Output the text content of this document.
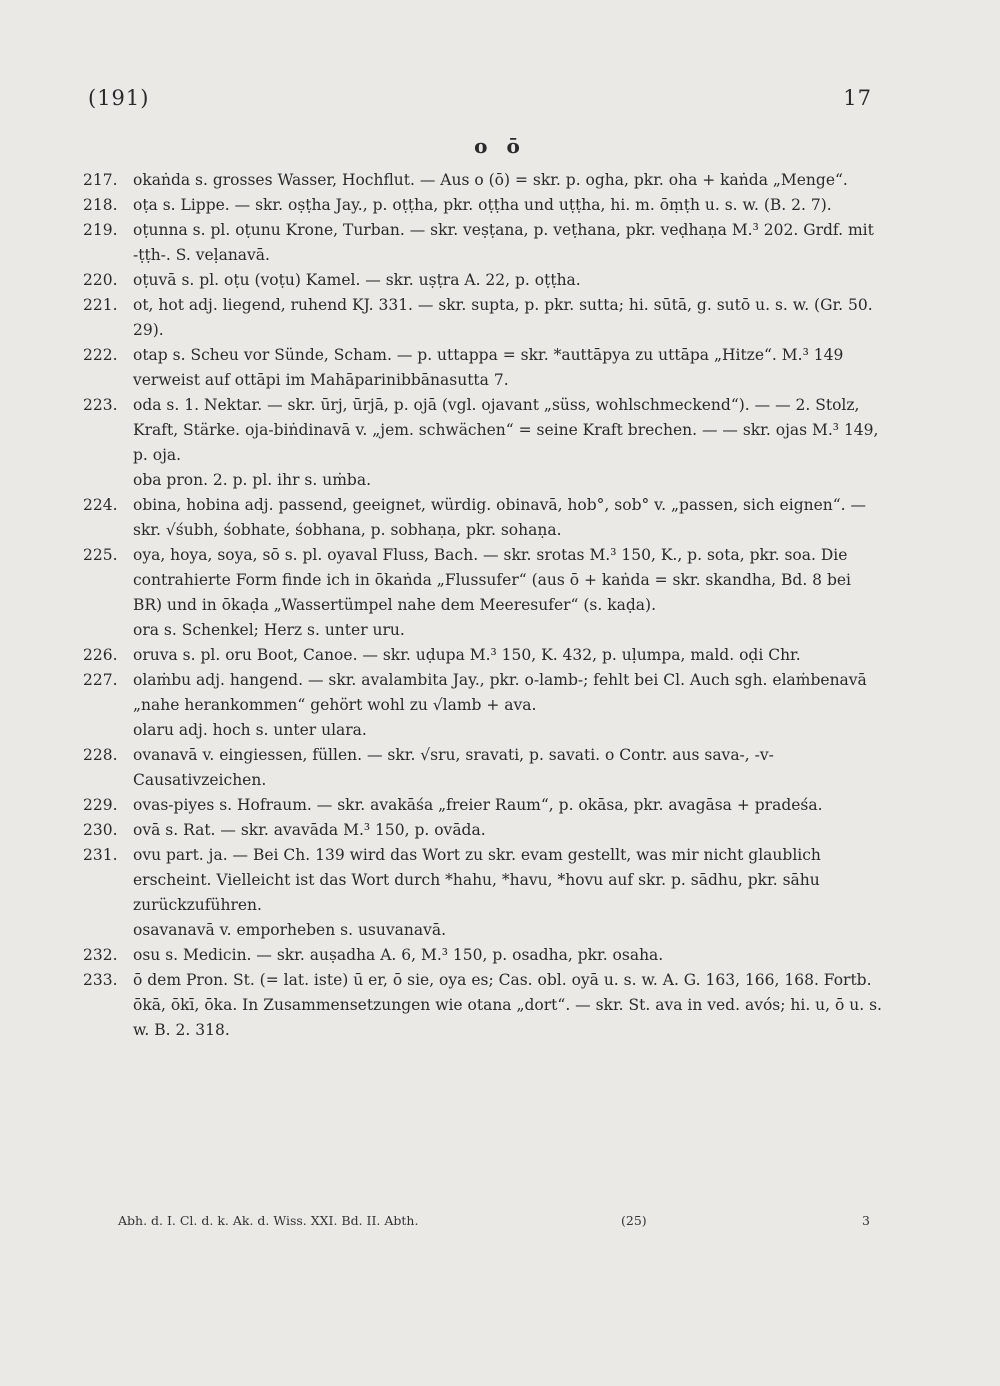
(191)	17
o ō
217. okaṅda s. grosses Wasser, Hochflut. — Aus o (ō) = skr. p. ogha, pkr. oha + kaṅda „Menge“.
218. oṭa s. Lippe. — skr. oṣṭha Jay., p. oṭṭha, pkr. oṭṭha und uṭṭha, hi. m. ōṃṭh u. s. w. (B. 2. 7).
219. oṭunna s. pl. oṭunu Krone, Turban. — skr. veṣṭana, p. veṭhana, pkr. veḍhaṇa M.³ 202. Grdf. mit -ṭṭh-. S. veḷanavā.
220. oṭuvā s. pl. oṭu (voṭu) Kamel. — skr. uṣṭra A. 22, p. oṭṭha.
221. ot, hot adj. liegend, ruhend KJ. 331. — skr. supta, p. pkr. sutta; hi. sūtā, g. sutō u. s. w. (Gr. 50. 29).
222. otap s. Scheu vor Sünde, Scham. — p. uttappa = skr. *auttāpya zu uttāpa „Hitze“. M.³ 149 verweist auf ottāpi im Mahāparinibbānasutta 7.
223. oda s. 1. Nektar. — skr. ūrj, ūrjā, p. ojā (vgl. ojavant „süss, wohlschmeckend“). — — 2. Stolz, Kraft, Stärke. oja-biṅdinavā v. „jem. schwächen“ = seine Kraft brechen. — — skr. ojas M.³ 149, p. oja.
oba pron. 2. p. pl. ihr s. uṁba.
224. obina, hobina adj. passend, geeignet, würdig. obinavā, hob°, sob° v. „passen, sich eignen“. — skr. √śubh, śobhate, śobhana, p. sobhaṇa, pkr. sohaṇa.
225. oya, hoya, soya, sō s. pl. oyaval Fluss, Bach. — skr. srotas M.³ 150, K., p. sota, pkr. soa. Die contrahierte Form finde ich in ōkaṅda „Flussufer“ (aus ō + kaṅda = skr. skandha, Bd. 8 bei BR) und in ōkaḍa „Wassertümpel nahe dem Meeresufer“ (s. kaḍa).
ora s. Schenkel; Herz s. unter uru.
226. oruva s. pl. oru Boot, Canoe. — skr. uḍupa M.³ 150, K. 432, p. uḷumpa, mald. oḍi Chr.
227. olaṁbu adj. hangend. — skr. avalambita Jay., pkr. o-lamb-; fehlt bei Cl. Auch sgh. elaṁbenavā „nahe herankommen“ gehört wohl zu √lamb + ava.
olaru adj. hoch s. unter ulara.
228. ovanavā v. eingiessen, füllen. — skr. √sru, sravati, p. savati. o Contr. aus sava-, -v- Causativzeichen.
229. ovas-piyes s. Hofraum. — skr. avakāśa „freier Raum“, p. okāsa, pkr. avagāsa + pradeśa.
230. ovā s. Rat. — skr. avavāda M.³ 150, p. ovāda.
231. ovu part. ja. — Bei Ch. 139 wird das Wort zu skr. evam gestellt, was mir nicht glaublich erscheint. Vielleicht ist das Wort durch *hahu, *havu, *hovu auf skr. p. sādhu, pkr. sāhu zurückzuführen.
osavanavā v. emporheben s. usuvanavā.
232. osu s. Medicin. — skr. auṣadha A. 6, M.³ 150, p. osadha, pkr. osaha.
233. ō dem Pron. St. (= lat. iste) ū er, ō sie, oya es; Cas. obl. oyā u. s. w. A. G. 163, 166, 168. Fortb. ōkā, ōkī, ōka. In Zusammensetzungen wie otana „dort“. — skr. St. ava in ved. avós; hi. u, ō u. s. w. B. 2. 318.
Abh. d. I. Cl. d. k. Ak. d. Wiss. XXI. Bd. II. Abth.	(25)	3
